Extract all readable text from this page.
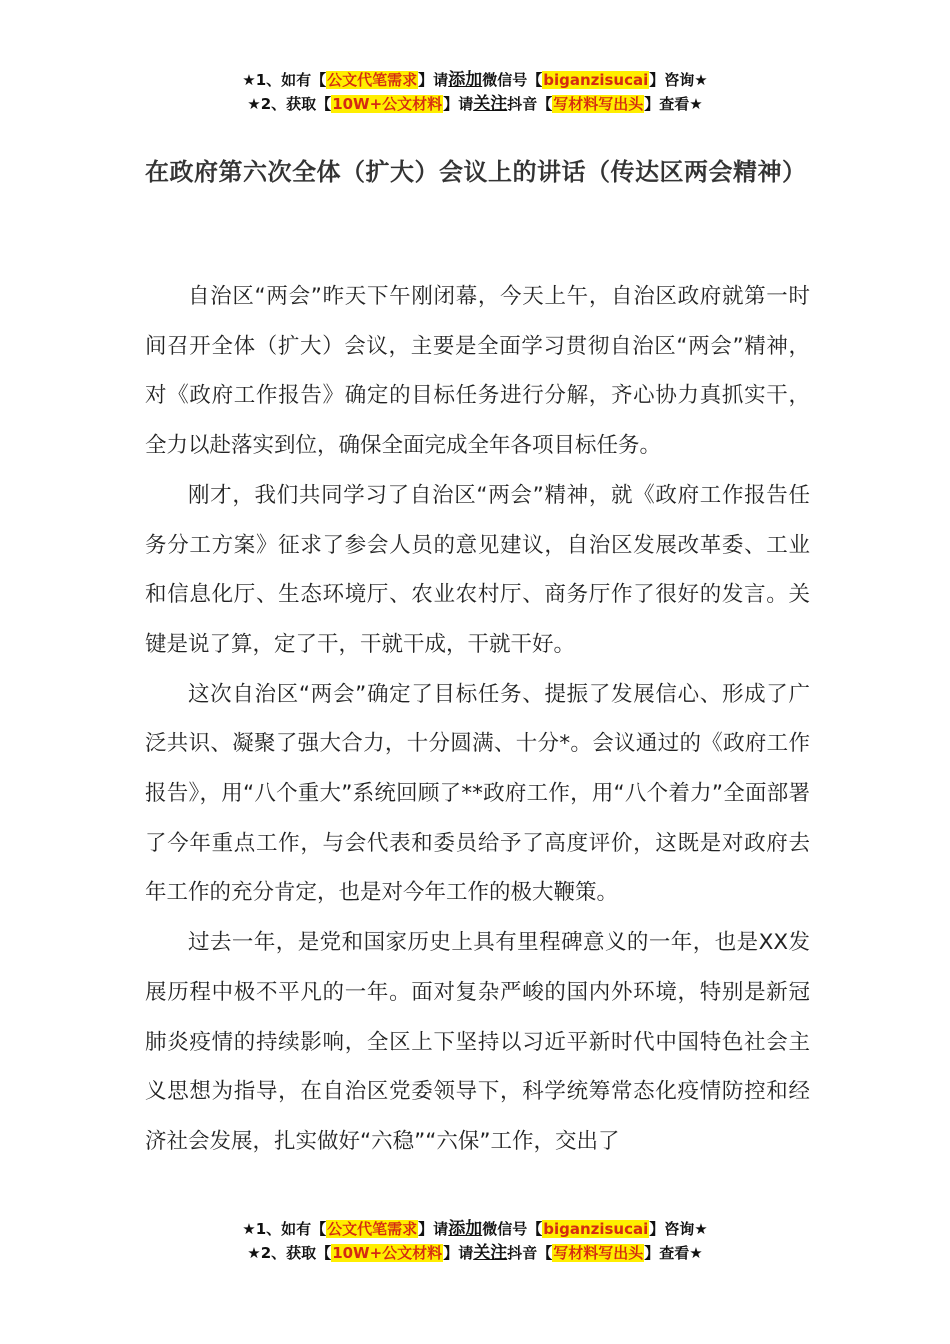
★1、如有【公文代笔需求】请添加微信号【biganzisucai】咨询★
★2、获取【10W+公文材料】请关注抖音【写材料写出头】查看★
在政府第六次全体（扩大）会议上的讲话（传达区两会精神）

自治区“两会”昨天下午刚闭幕，今天上午，自治区政府就第一时间召开全体（扩大）会议，主要是全面学习贯彻自治区“两会”精神，对《政府工作报告》确定的目标任务进行分解，齐心协力真抓实干，全力以赴落实到位，确保全面完成全年各项目标任务。

刚才，我们共同学习了自治区“两会”精神，就《政府工作报告任务分工方案》征求了参会人员的意见建议，自治区发展改革委、工业和信息化厅、生态环境厅、农业农村厅、商务厅作了很好的发言。关键是说了算，定了干，干就干成，干就干好。

这次自治区“两会”确定了目标任务、提振了发展信心、形成了广泛共识、凝聚了强大合力，十分圆满、十分*。会议通过的《政府工作报告》，用“八个重大”系统回顾了**政府工作，用“八个着力”全面部署了今年重点工作，与会代表和委员给予了高度评价，这既是对政府去年工作的充分肯定，也是对今年工作的极大鞭策。

过去一年，是党和国家历史上具有里程碑意义的一年，也是XX发展历程中极不平凡的一年。面对复杂严峻的国内外环境，特别是新冠肺炎疫情的持续影响，全区上下坚持以习近平新时代中国特色社会主义思想为指导，在自治区党委领导下，科学统筹常态化疫情防控和经济社会发展，扎实做好“六稳”“六保”工作，交出了

★1、如有【公文代笔需求】请添加微信号【biganzisucai】咨询★
★2、获取【10W+公文材料】请关注抖音【写材料写出头】查看★
